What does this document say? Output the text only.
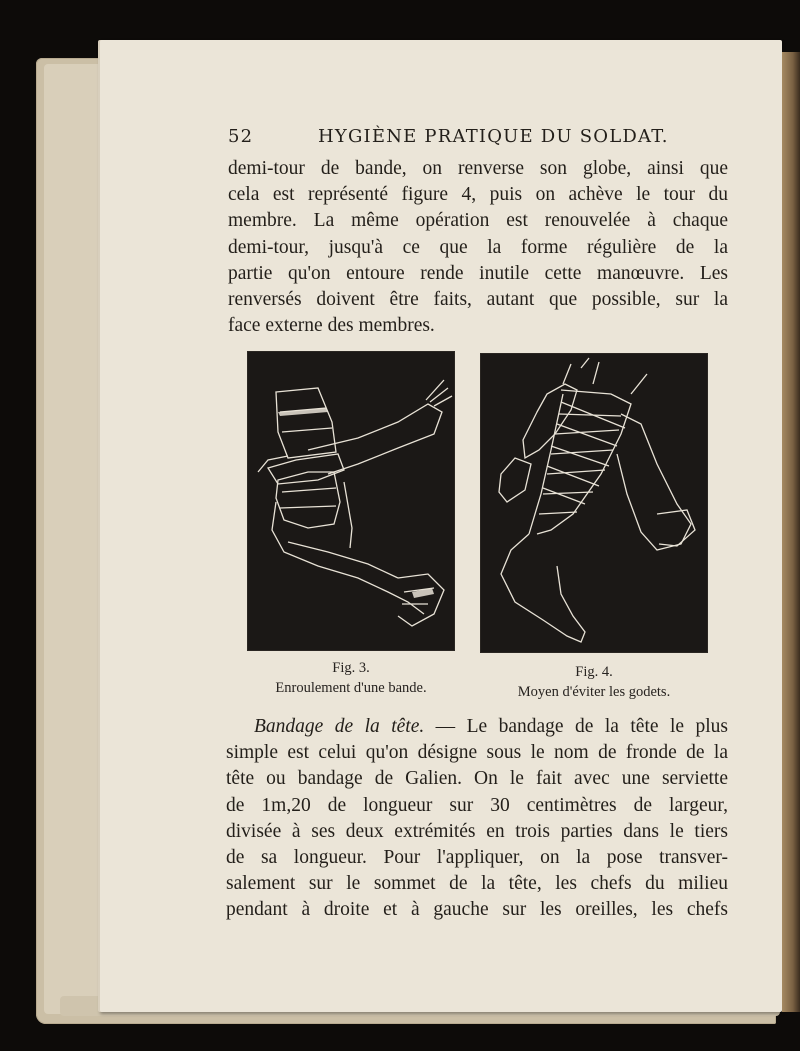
52	HYGIÈNE PRATIQUE DU SOLDAT.
demi-tour de bande, on renverse son globe, ainsi que
cela est représenté figure 4, puis on achève le tour du
membre. La même opération est renouvelée à chaque
demi-tour, jusqu'à ce que la forme régulière de la
partie qu'on entoure rende inutile cette manœuvre. Les
renversés doivent être faits, autant que possible, sur la
face externe des membres.
Fig. 3.
Enroulement d'une bande.
Fig. 4.
Moyen d'éviter les godets.
Bandage de la tête. — Le bandage de la tête le plus
simple est celui qu'on désigne sous le nom de fronde de la
tête ou bandage de Galien. On le fait avec une serviette
de 1m,20 de longueur sur 30 centimètres de largeur,
divisée à ses deux extrémités en trois parties dans le tiers
de sa longueur. Pour l'appliquer, on la pose transver-
salement sur le sommet de la tête, les chefs du milieu
pendant à droite et à gauche sur les oreilles, les chefs
